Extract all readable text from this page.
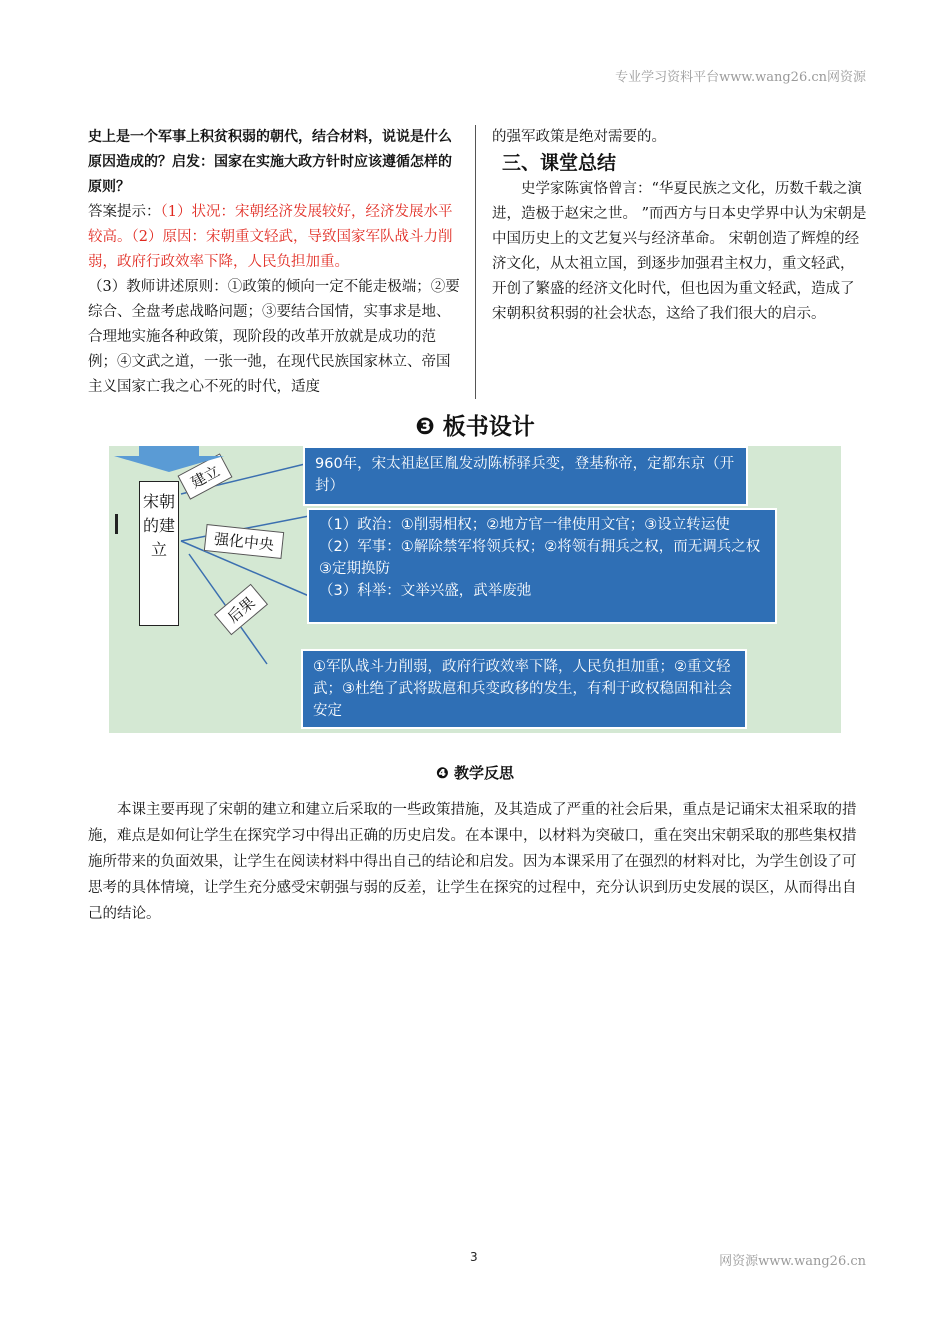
专业学习资料平台www.wang26.cn网资源

史上是一个军事上积贫积弱的朝代，结合材料，说说是什么原因造成的？启发：国家在实施大政方针时应该遵循怎样的原则？

答案提示：（1）状况：宋朝经济发展较好，经济发展水平较高。（2）原因：宋朝重文轻武，导致国家军队战斗力削弱，政府行政效率下降，人民负担加重。

（3）教师讲述原则：①政策的倾向一定不能走极端；②要综合、全盘考虑战略问题；③要结合国情，实事求是地、合理地实施各种政策，现阶段的改革开放就是成功的范例；④文武之道，一张一弛，在现代民族国家林立、帝国主义国家亡我之心不死的时代，适度

的强军政策是绝对需要的。

三、课堂总结

史学家陈寅恪曾言：“华夏民族之文化，历数千载之演进，造极于赵宋之世。 ”而西方与日本史学界中认为宋朝是中国历史上的文艺复兴与经济革命。 宋朝创造了辉煌的经济文化，从太祖立国，到逐步加强君主权力，重文轻武，开创了繁盛的经济文化时代，但也因为重文轻武，造成了宋朝积贫积弱的社会状态，这给了我们很大的启示。

❸ 板书设计
宋朝的建立
建立
强化中央
后果
960年，宋太祖赵匡胤发动陈桥驿兵变，登基称帝，定都东京（开封）
（1）政治：①削弱相权；②地方官一律使用文官；③设立转运使
（2）军事：①解除禁军将领兵权；②将领有拥兵之权，而无调兵之权③定期换防
（3）科举：文举兴盛，武举废弛
①军队战斗力削弱，政府行政效率下降，人民负担加重；②重文轻武；③杜绝了武将跋扈和兵变政移的发生，有利于政权稳固和社会安定
❹ 教学反思

本课主要再现了宋朝的建立和建立后采取的一些政策措施，及其造成了严重的社会后果，重点是记诵宋太祖采取的措施，难点是如何让学生在探究学习中得出正确的历史启发。在本课中，以材料为突破口，重在突出宋朝采取的那些集权措施所带来的负面效果，让学生在阅读材料中得出自己的结论和启发。因为本课采用了在强烈的材料对比，为学生创设了可思考的具体情境，让学生充分感受宋朝强与弱的反差，让学生在探究的过程中，充分认识到历史发展的误区，从而得出自己的结论。

3	网资源www.wang26.cn
